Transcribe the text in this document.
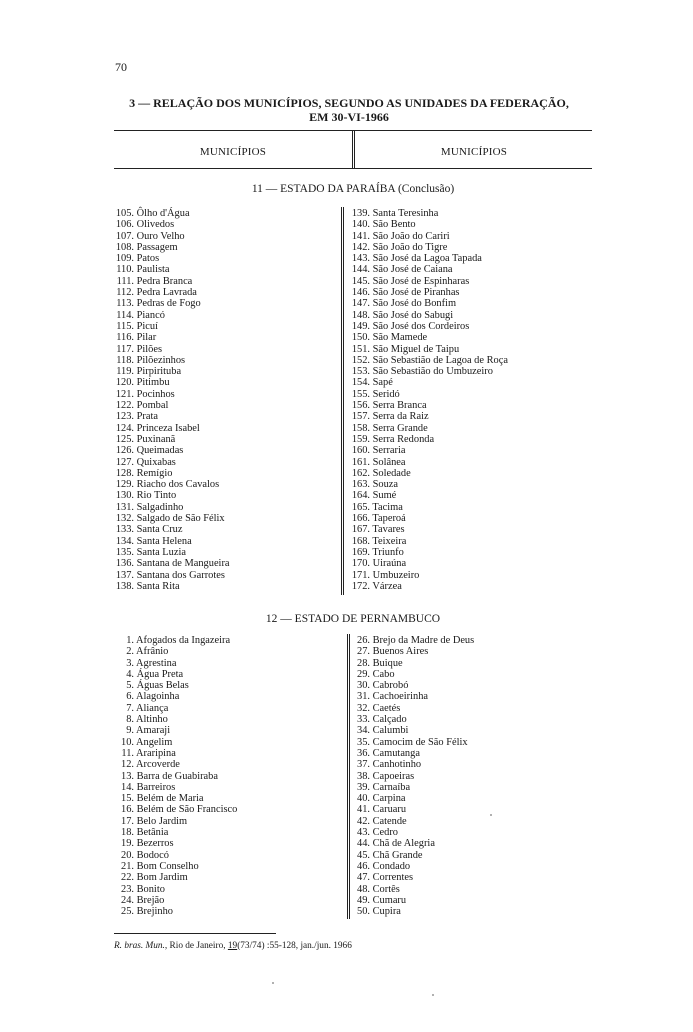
70
3 — RELAÇÃO DOS MUNICÍPIOS, SEGUNDO AS UNIDADES DA FEDERAÇÃO,
EM 30-VI-1966
MUNICÍPIOS	MUNICÍPIOS
11 — ESTADO DA PARAÍBA (Conclusão)
105. Ôlho d'Água
106. Olivedos
107. Ouro Velho
108. Passagem
109. Patos
110. Paulista
111. Pedra Branca
112. Pedra Lavrada
113. Pedras de Fogo
114. Piancó
115. Picuí
116. Pilar
117. Pilões
118. Pilõezinhos
119. Pirpirituba
120. Pitimbu
121. Pocinhos
122. Pombal
123. Prata
124. Princeza Isabel
125. Puxinanã
126. Queimadas
127. Quixabas
128. Remígio
129. Riacho dos Cavalos
130. Rio Tinto
131. Salgadinho
132. Salgado de São Félix
133. Santa Cruz
134. Santa Helena
135. Santa Luzia
136. Santana de Mangueira
137. Santana dos Garrotes
138. Santa Rita
139. Santa Teresinha
140. São Bento
141. São João do Cariri
142. São João do Tigre
143. São José da Lagoa Tapada
144. São José de Caiana
145. São José de Espinharas
146. São José de Piranhas
147. São José do Bonfim
148. São José do Sabugi
149. São José dos Cordeiros
150. São Mamede
151. São Miguel de Taipu
152. São Sebastião de Lagoa de Roça
153. São Sebastião do Umbuzeiro
154. Sapé
155. Seridó
156. Serra Branca
157. Serra da Raiz
158. Serra Grande
159. Serra Redonda
160. Serraria
161. Solânea
162. Soledade
163. Souza
164. Sumé
165. Tacima
166. Taperoá
167. Tavares
168. Teixeira
169. Triunfo
170. Uiraúna
171. Umbuzeiro
172. Várzea
12 — ESTADO DE PERNAMBUCO
1. Afogados da Ingazeira
2. Afrânio
3. Agrestina
4. Água Preta
5. Águas Belas
6. Alagoinha
7. Aliança
8. Altinho
9. Amaraji
10. Angelim
11. Araripina
12. Arcoverde
13. Barra de Guabiraba
14. Barreiros
15. Belém de Maria
16. Belém de São Francisco
17. Belo Jardim
18. Betânia
19. Bezerros
20. Bodocó
21. Bom Conselho
22. Bom Jardim
23. Bonito
24. Brejão
25. Brejinho
26. Brejo da Madre de Deus
27. Buenos Aires
28. Buique
29. Cabo
30. Cabrobó
31. Cachoeirinha
32. Caetés
33. Calçado
34. Calumbi
35. Camocim de São Félix
36. Camutanga
37. Canhotinho
38. Capoeiras
39. Carnaíba
40. Carpina
41. Caruaru
42. Catende
43. Cedro
44. Chã de Alegria
45. Chã Grande
46. Condado
47. Correntes
48. Cortês
49. Cumaru
50. Cupira
R. bras. Mun., Rio de Janeiro, 19(73/74) :55-128, jan./jun. 1966
